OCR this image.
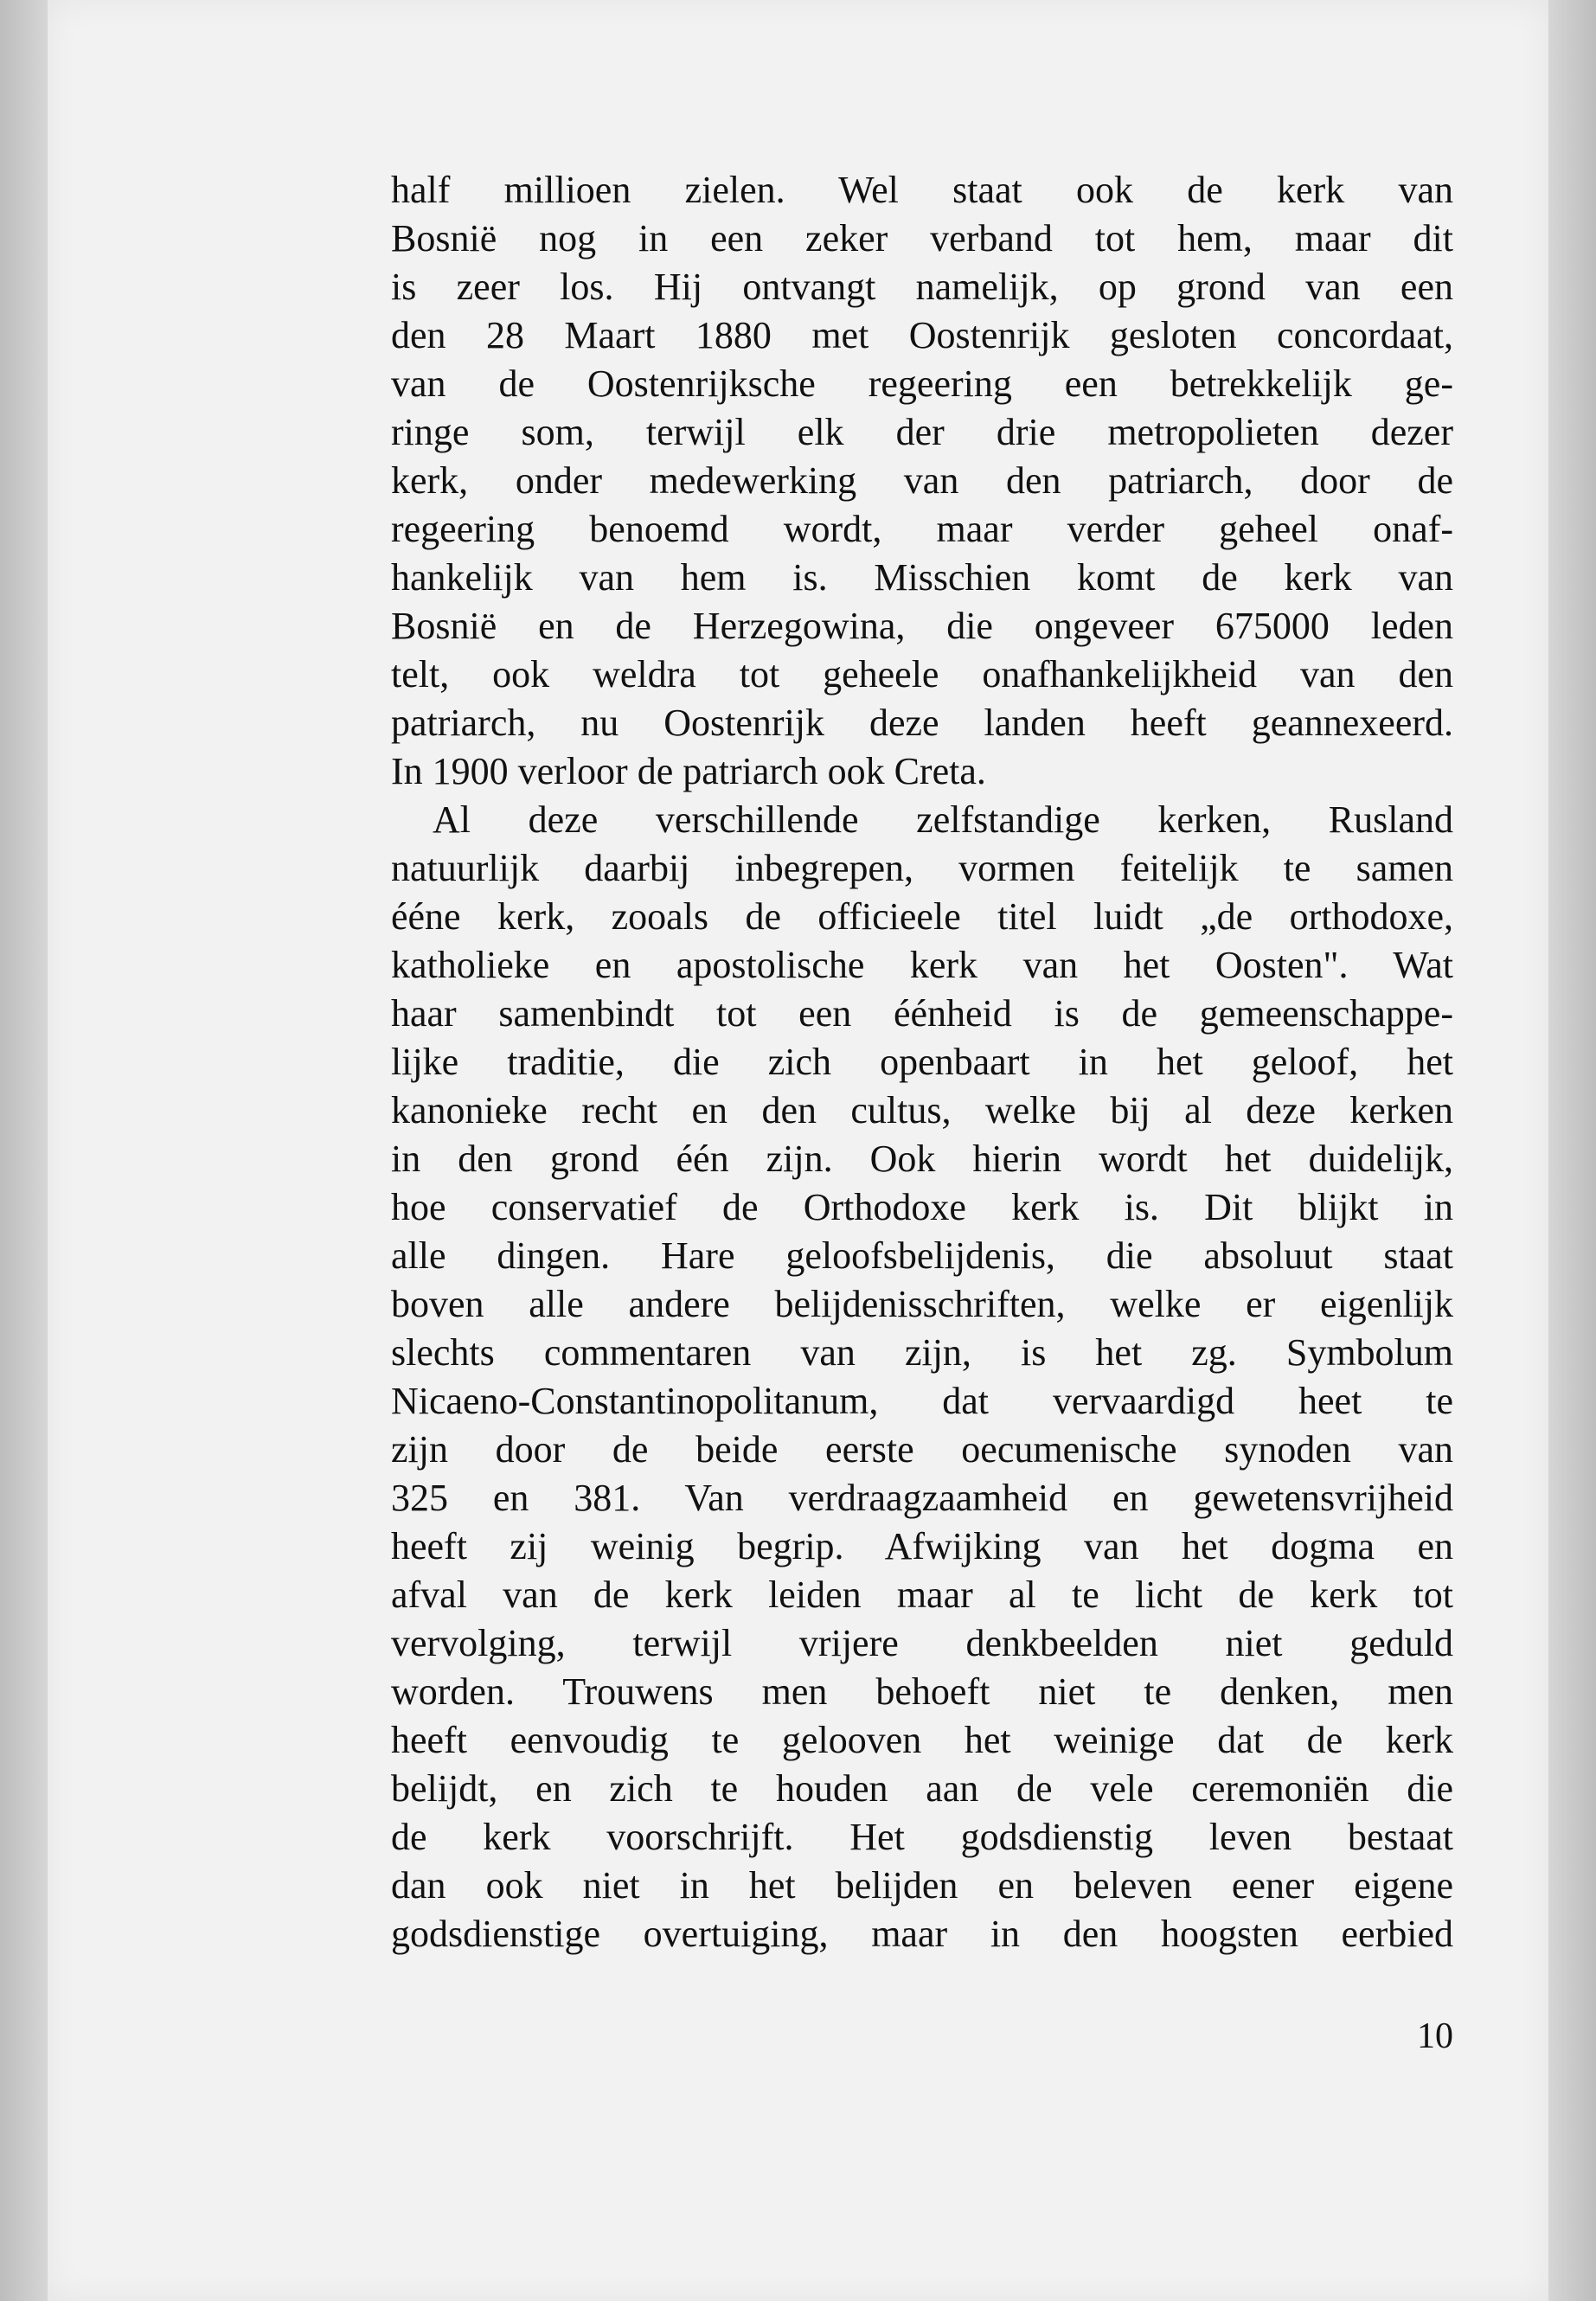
half millioen zielen. Wel staat ook de kerk van
Bosnië nog in een zeker verband tot hem, maar dit
is zeer los. Hij ontvangt namelijk, op grond van een
den 28 Maart 1880 met Oostenrijk gesloten concordaat,
van de Oostenrijksche regeering een betrekkelijk ge-
ringe som, terwijl elk der drie metropolieten dezer
kerk, onder medewerking van den patriarch, door de
regeering benoemd wordt, maar verder geheel onaf-
hankelijk van hem is. Misschien komt de kerk van
Bosnië en de Herzegowina, die ongeveer 675000 leden
telt, ook weldra tot geheele onafhankelijkheid van den
patriarch, nu Oostenrijk deze landen heeft geannexeerd.
In 1900 verloor de patriarch ook Creta.
Al deze verschillende zelfstandige kerken, Rusland
natuurlijk daarbij inbegrepen, vormen feitelijk te samen
ééne kerk, zooals de officieele titel luidt „de orthodoxe,
katholieke en apostolische kerk van het Oosten". Wat
haar samenbindt tot een éénheid is de gemeenschappe-
lijke traditie, die zich openbaart in het geloof, het
kanonieke recht en den cultus, welke bij al deze kerken
in den grond één zijn. Ook hierin wordt het duidelijk,
hoe conservatief de Orthodoxe kerk is. Dit blijkt in
alle dingen. Hare geloofsbelijdenis, die absoluut staat
boven alle andere belijdenisschriften, welke er eigenlijk
slechts commentaren van zijn, is het zg. Symbolum
Nicaeno-Constantinopolitanum, dat vervaardigd heet te
zijn door de beide eerste oecumenische synoden van
325 en 381. Van verdraagzaamheid en gewetensvrijheid
heeft zij weinig begrip. Afwijking van het dogma en
afval van de kerk leiden maar al te licht de kerk tot
vervolging, terwijl vrijere denkbeelden niet geduld
worden. Trouwens men behoeft niet te denken, men
heeft eenvoudig te gelooven het weinige dat de kerk
belijdt, en zich te houden aan de vele ceremoniën die
de kerk voorschrijft. Het godsdienstig leven bestaat
dan ook niet in het belijden en beleven eener eigene
godsdienstige overtuiging, maar in den hoogsten eerbied
10
